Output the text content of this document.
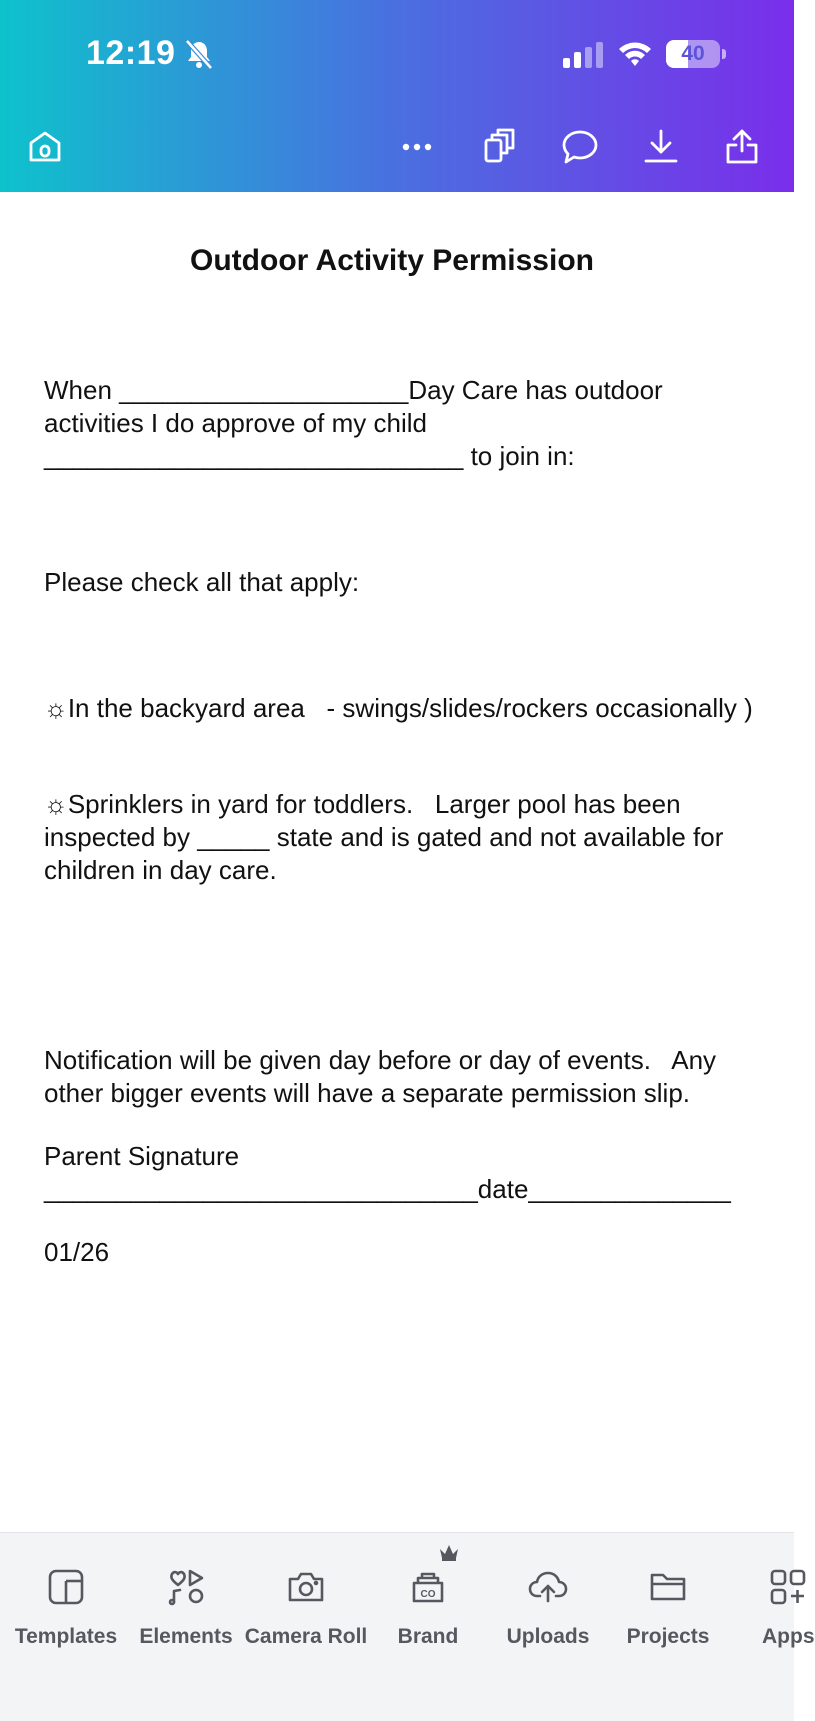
12:19	40
Outdoor Activity Permission
When ____________________Day Care has outdoor activities I do approve of my child _____________________________ to join in:
Please check all that apply:
☼In the backyard area   - swings/slides/rockers occasionally )
☼Sprinklers in yard for toddlers.   Larger pool has been inspected by _____ state and is gated and not available for children in day care.
Notification will be given day before or day of events.   Any other bigger events will have a separate permission slip.
Parent Signature ______________________________date______________
01/26
Templates	Elements Camera Roll
CO
Brand	Uploads	Projects	Apps
